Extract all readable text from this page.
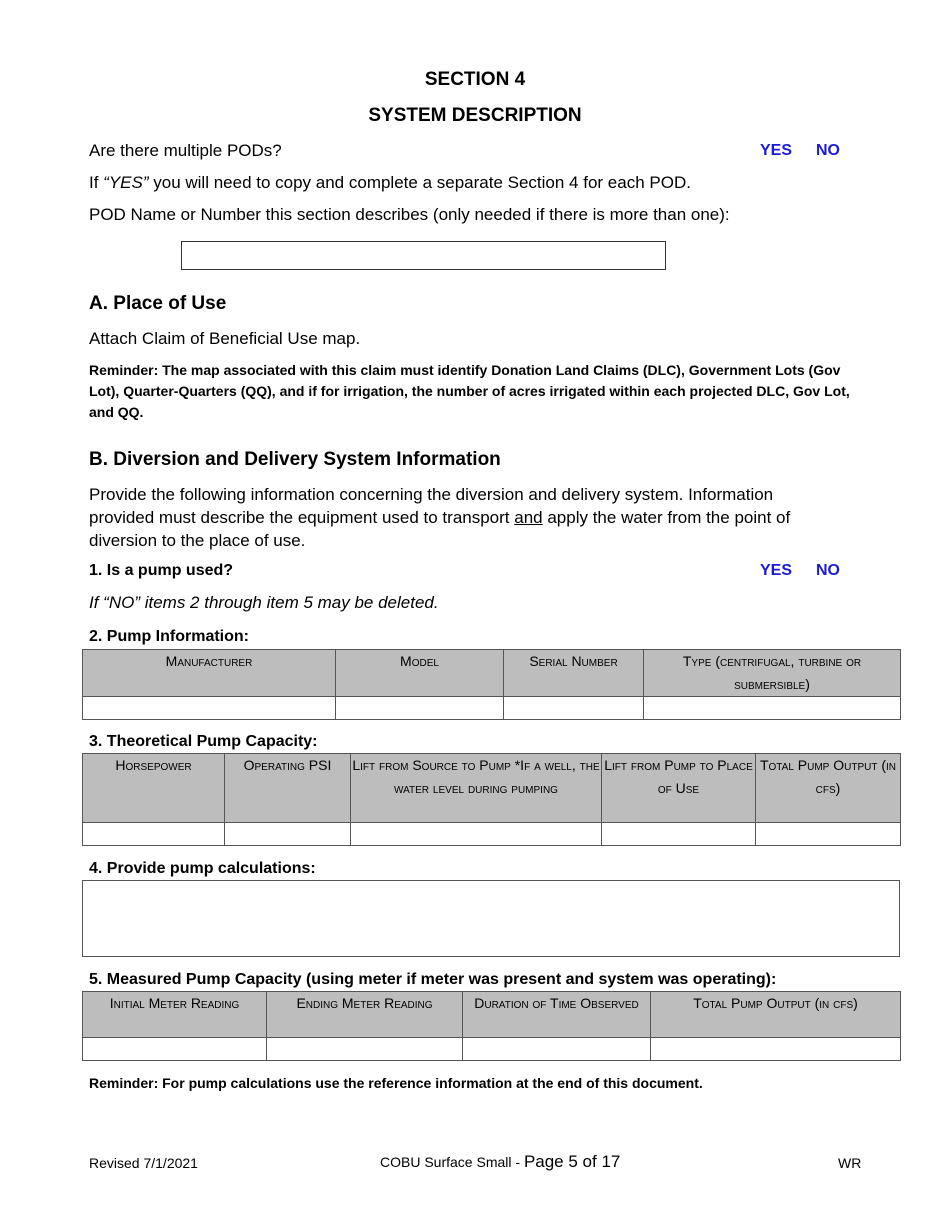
SECTION 4
SYSTEM DESCRIPTION
Are there multiple PODs?	YES NO
If “YES” you will need to copy and complete a separate Section 4 for each POD.
POD Name or Number this section describes (only needed if there is more than one):
A. Place of Use
Attach Claim of Beneficial Use map.
Reminder: The map associated with this claim must identify Donation Land Claims (DLC), Government Lots (Gov Lot), Quarter-Quarters (QQ), and if for irrigation, the number of acres irrigated within each projected DLC, Gov Lot, and QQ.
B. Diversion and Delivery System Information
Provide the following information concerning the diversion and delivery system. Information provided must describe the equipment used to transport and apply the water from the point of diversion to the place of use.
1. Is a pump used?	YES NO
If “NO” items 2 through item 5 may be deleted.
2. Pump Information:
Manufacturer	Model	Serial Number	Type (centrifugal, turbine or submersible)

3. Theoretical Pump Capacity:
Horsepower	Operating PSI	Lift from Source to Pump *If a well, the water level during pumping	Lift from Pump to Place of Use	Total Pump Output (in cfs)

4. Provide pump calculations:
5. Measured Pump Capacity (using meter if meter was present and system was operating):
Initial Meter Reading	Ending Meter Reading	Duration of Time Observed	Total Pump Output (in cfs)

Reminder: For pump calculations use the reference information at the end of this document.
Revised 7/1/2021	COBU Surface Small - Page 5 of 17	WR
